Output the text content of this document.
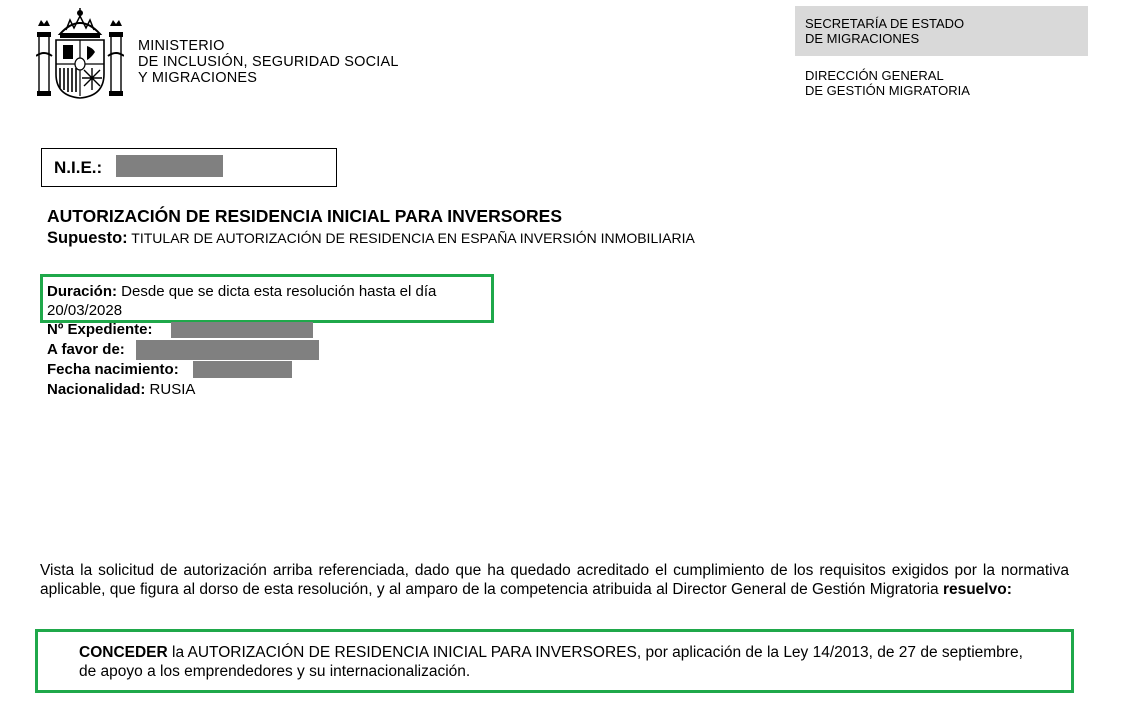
MINISTERIO
DE INCLUSIÓN, SEGURIDAD SOCIAL
Y MIGRACIONES
SECRETARÍA DE ESTADO
DE MIGRACIONES
DIRECCIÓN GENERAL
DE GESTIÓN MIGRATORIA
N.I.E.:
AUTORIZACIÓN DE RESIDENCIA INICIAL PARA INVERSORES
Supuesto: TITULAR DE AUTORIZACIÓN DE RESIDENCIA EN ESPAÑA INVERSIÓN INMOBILIARIA
Duración: Desde que se dicta esta resolución hasta el día
20/03/2028
Nº Expediente:
A favor de:
Fecha nacimiento:
Nacionalidad: RUSIA
Vista la solicitud de autorización arriba referenciada, dado que ha quedado acreditado el cumplimiento de los requisitos exigidos por la normativa aplicable, que figura al dorso de esta resolución, y al amparo de la competencia atribuida al Director General de Gestión Migratoria resuelvo:
CONCEDER la AUTORIZACIÓN DE RESIDENCIA INICIAL PARA INVERSORES, por aplicación de la Ley 14/2013, de 27 de septiembre, de apoyo a los emprendedores y su internacionalización.
